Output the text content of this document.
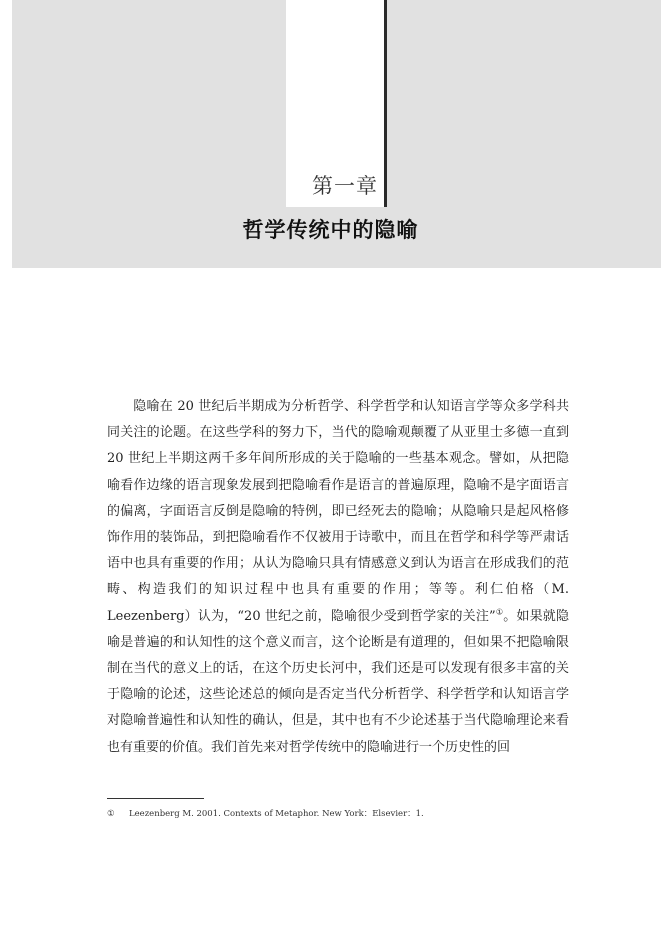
第一章
哲学传统中的隐喻

隐喻在 20 世纪后半期成为分析哲学、科学哲学和认知语言学等众多学科共同关注的论题。在这些学科的努力下，当代的隐喻观颠覆了从亚里士多德一直到 20 世纪上半期这两千多年间所形成的关于隐喻的一些基本观念。譬如，从把隐喻看作边缘的语言现象发展到把隐喻看作是语言的普遍原理，隐喻不是字面语言的偏离，字面语言反倒是隐喻的特例，即已经死去的隐喻；从隐喻只是起风格修饰作用的装饰品，到把隐喻看作不仅被用于诗歌中，而且在哲学和科学等严肃话语中也具有重要的作用；从认为隐喻只具有情感意义到认为语言在形成我们的范畴、构造我们的知识过程中也具有重要的作用；等等。利仁伯格（M. Leezenberg）认为，“20 世纪之前，隐喻很少受到哲学家的关注”①。如果就隐喻是普遍的和认知性的这个意义而言，这个论断是有道理的，但如果不把隐喻限制在当代的意义上的话，在这个历史长河中，我们还是可以发现有很多丰富的关于隐喻的论述，这些论述总的倾向是否定当代分析哲学、科学哲学和认知语言学对隐喻普遍性和认知性的确认，但是，其中也有不少论述基于当代隐喻理论来看也有重要的价值。我们首先来对哲学传统中的隐喻进行一个历史性的回

① Leezenberg M. 2001. Contexts of Metaphor. New York：Elsevier：1.
